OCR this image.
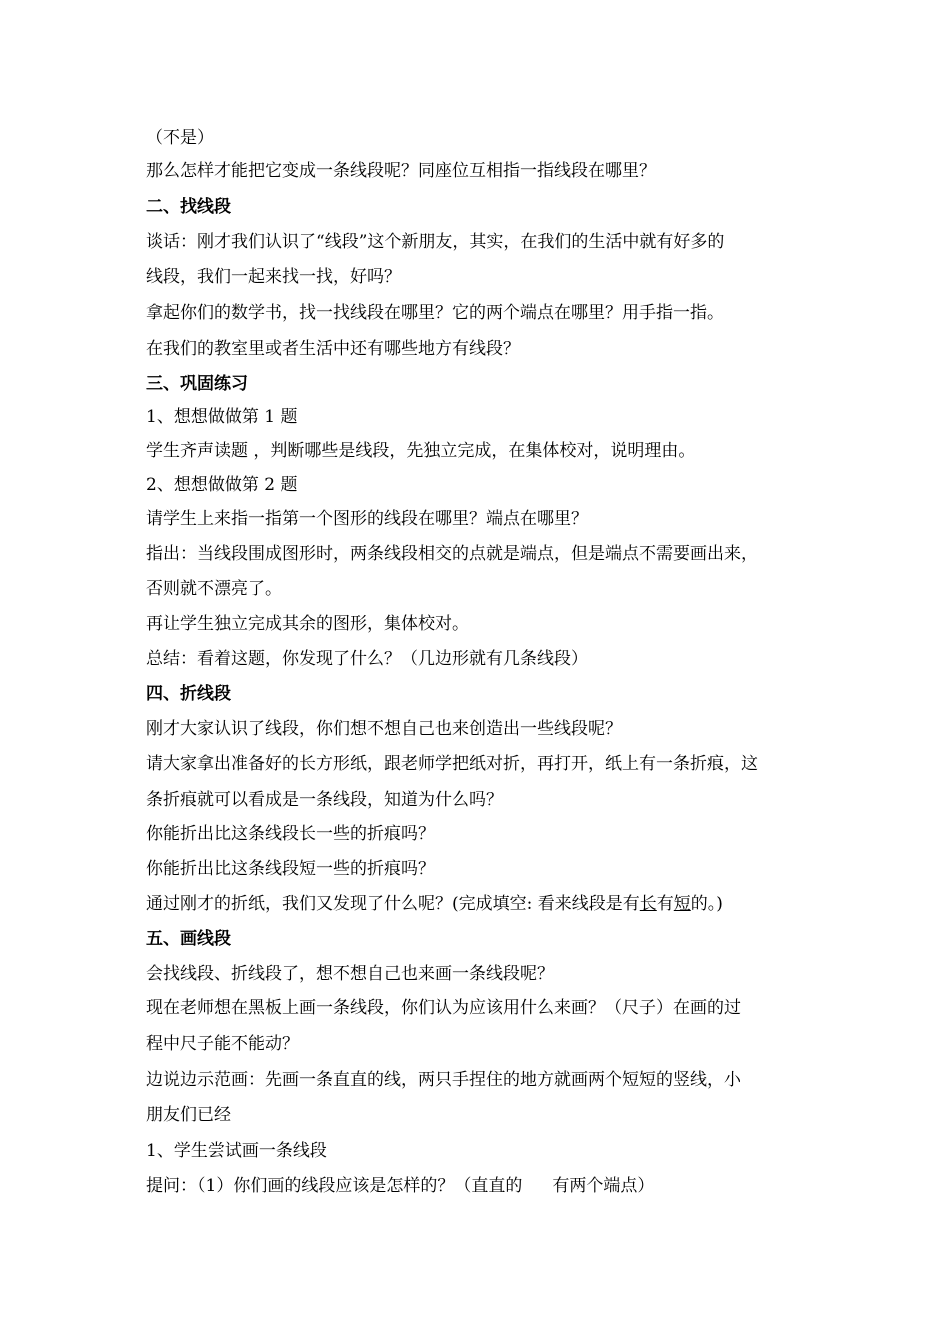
（不是）
那么怎样才能把它变成一条线段呢？同座位互相指一指线段在哪里？
二、找线段
谈话：刚才我们认识了“线段”这个新朋友，其实，在我们的生活中就有好多的
线段，我们一起来找一找，好吗？
拿起你们的数学书，找一找线段在哪里？它的两个端点在哪里？用手指一指。
在我们的教室里或者生活中还有哪些地方有线段？
三、巩固练习
1、想想做做第 1 题
学生齐声读题 ，判断哪些是线段，先独立完成，在集体校对，说明理由。
2、想想做做第 2 题
请学生上来指一指第一个图形的线段在哪里？端点在哪里？
指出：当线段围成图形时，两条线段相交的点就是端点，但是端点不需要画出来，
否则就不漂亮了。
再让学生独立完成其余的图形，集体校对。
总结：看着这题，你发现了什么？（几边形就有几条线段）
四、折线段
刚才大家认识了线段，你们想不想自己也来创造出一些线段呢？
请大家拿出准备好的长方形纸，跟老师学把纸对折，再打开，纸上有一条折痕，这
条折痕就可以看成是一条线段，知道为什么吗？
你能折出比这条线段长一些的折痕吗？
你能折出比这条线段短一些的折痕吗？
通过刚才的折纸，我们又发现了什么呢？(完成填空: 看来线段是有长有短的。)
五、画线段
会找线段、折线段了，想不想自己也来画一条线段呢？
现在老师想在黑板上画一条线段，你们认为应该用什么来画？（尺子）在画的过
程中尺子能不能动？
边说边示范画：先画一条直直的线，两只手捏住的地方就画两个短短的竖线，小
朋友们已经
1、学生尝试画一条线段
提问：（1）你们画的线段应该是怎样的？（直直的 有两个端点）
